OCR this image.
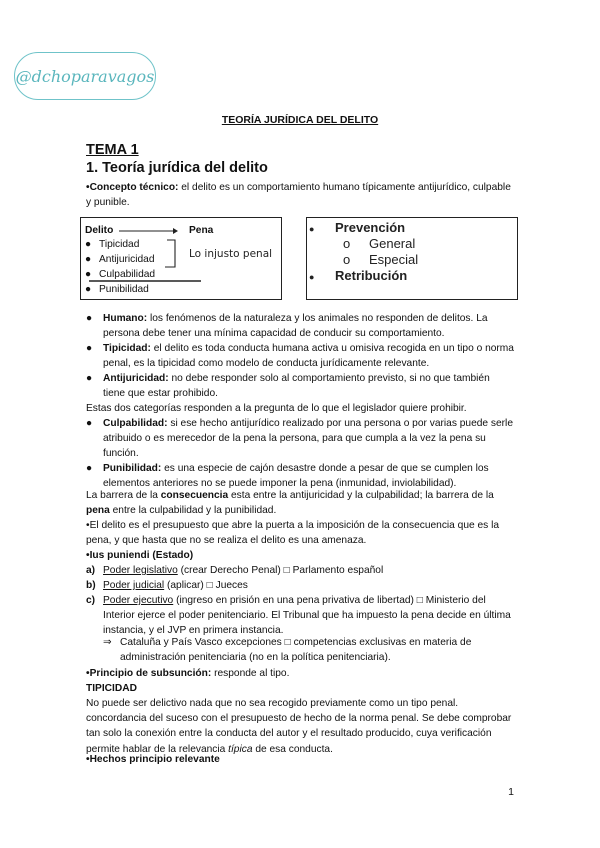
@dchoparavagos
TEORÍA JURÍDICA DEL DELITO
TEMA 1
1. Teoría jurídica del delito
•Concepto técnico: el delito es un comportamiento humano típicamente antijurídico, culpable y punible.
Delito	Pena
● Tipicidad
● Antijuricidad
● Culpabilidad
● Punibilidad
Lo injusto penal
● Prevención
o General
o Especial
● Retribución
● Humano: los fenómenos de la naturaleza y los animales no responden de delitos. La persona debe tener una mínima capacidad de conducir su comportamiento.
● Tipicidad: el delito es toda conducta humana activa u omisiva recogida en un tipo o norma penal, es la tipicidad como modelo de conducta jurídicamente relevante.
● Antijuricidad: no debe responder solo al comportamiento previsto, si no que también tiene que estar prohibido.
Estas dos categorías responden a la pregunta de lo que el legislador quiere prohibir.
● Culpabilidad: si ese hecho antijurídico realizado por una persona o por varias puede serle atribuido o es merecedor de la pena la persona, para que cumpla a la vez la pena su función.
● Punibilidad: es una especie de cajón desastre donde a pesar de que se cumplen los elementos anteriores no se puede imponer la pena (inmunidad, inviolabilidad).
La barrera de la consecuencia esta entre la antijuricidad y la culpabilidad; la barrera de la pena entre la culpabilidad y la punibilidad.
•El delito es el presupuesto que abre la puerta a la imposición de la consecuencia que es la pena, y que hasta que no se realiza el delito es una amenaza.
•Ius puniendi (Estado)
a) Poder legislativo (crear Derecho Penal) □ Parlamento español
b) Poder judicial (aplicar) □ Jueces
c) Poder ejecutivo (ingreso en prisión en una pena privativa de libertad) □ Ministerio del Interior ejerce el poder penitenciario. El Tribunal que ha impuesto la pena decide en última instancia, y el JVP en primera instancia.
⇒ Cataluña y País Vasco excepciones □ competencias exclusivas en materia de administración penitenciaria (no en la política penitenciaria).
•Principio de subsunción: responde al tipo.
TIPICIDAD
No puede ser delictivo nada que no sea recogido previamente como un tipo penal. concordancia del suceso con el presupuesto de hecho de la norma penal. Se debe comprobar tan solo la conexión entre la conducta del autor y el resultado producido, cuya verificación permite hablar de la relevancia típica de esa conducta.
•Hechos principio relevante
1
